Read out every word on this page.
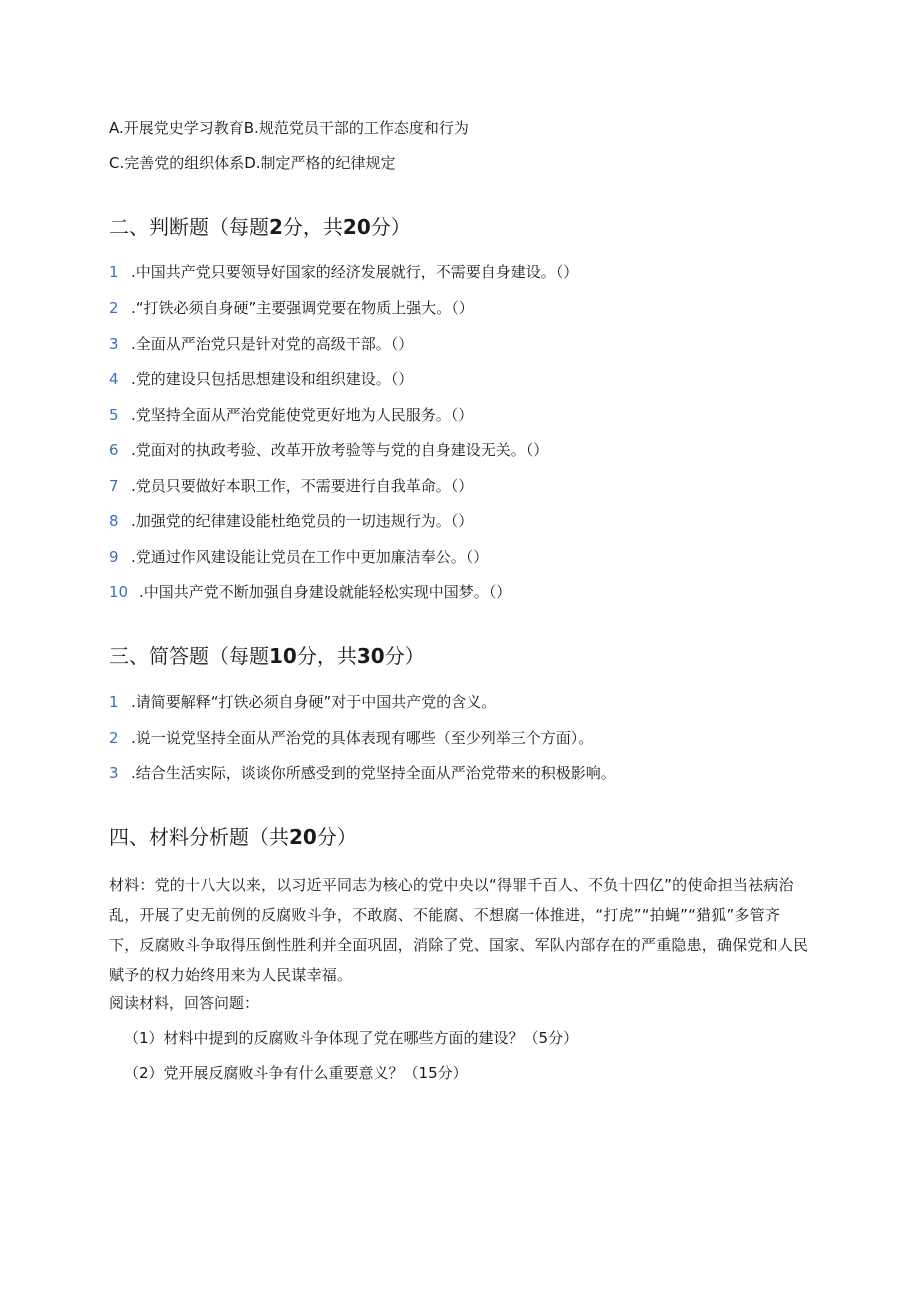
A.开展党史学习教育B.规范党员干部的工作态度和行为
C.完善党的组织体系D.制定严格的纪律规定
二、判断题（每题2分，共20分）
1 .中国共产党只要领导好国家的经济发展就行，不需要自身建设。（）
2 .“打铁必须自身硬”主要强调党要在物质上强大。（）
3 .全面从严治党只是针对党的高级干部。（）
4 .党的建设只包括思想建设和组织建设。（）
5 .党坚持全面从严治党能使党更好地为人民服务。（）
6 .党面对的执政考验、改革开放考验等与党的自身建设无关。（）
7 .党员只要做好本职工作，不需要进行自我革命。（）
8 .加强党的纪律建设能杜绝党员的一切违规行为。（）
9 .党通过作风建设能让党员在工作中更加廉洁奉公。（）
10 .中国共产党不断加强自身建设就能轻松实现中国梦。（）
三、简答题（每题10分，共30分）
1 .请简要解释“打铁必须自身硬”对于中国共产党的含义。
2 .说一说党坚持全面从严治党的具体表现有哪些（至少列举三个方面）。
3 .结合生活实际，谈谈你所感受到的党坚持全面从严治党带来的积极影响。
四、材料分析题（共20分）
材料：党的十八大以来，以习近平同志为核心的党中央以“得罪千百人、不负十四亿”的使命担当祛病治乱，开展了史无前例的反腐败斗争，不敢腐、不能腐、不想腐一体推进，“打虎”“拍蝇”“猎狐”多管齐下，反腐败斗争取得压倒性胜利并全面巩固，消除了党、国家、军队内部存在的严重隐患，确保党和人民赋予的权力始终用来为人民谋幸福。
阅读材料，回答问题：
（1）材料中提到的反腐败斗争体现了党在哪些方面的建设？（5分）
（2）党开展反腐败斗争有什么重要意义？（15分）
